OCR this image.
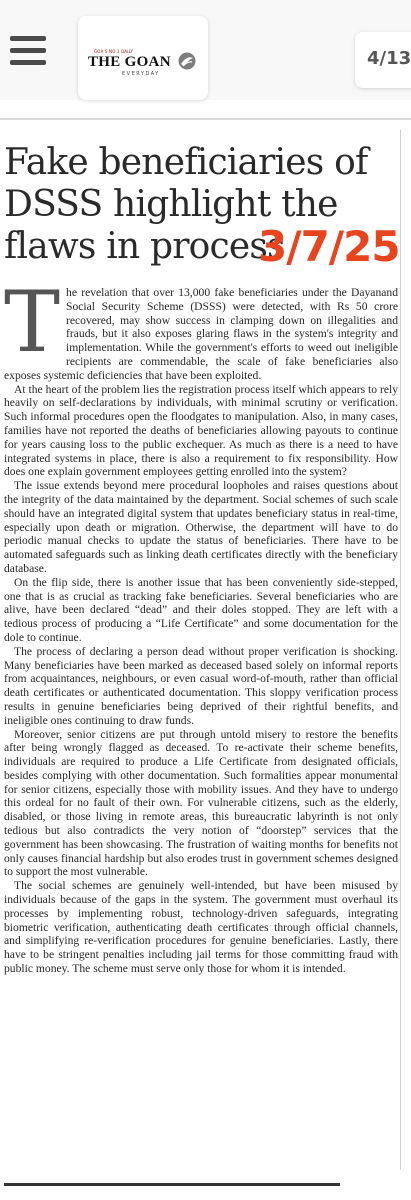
GOA'S NO.1 DAILY
THE GOAN
EVERYDAY
4/13
Fake beneficiaries of DSSS highlight the flaws in process
3/7/25

The revelation that over 13,000 fake beneficiaries under the Dayanand Social Security Scheme (DSSS) were detected, with Rs 50 crore recovered, may show success in clamping down on illegalities and frauds, but it also exposes glaring flaws in the system's integrity and implementation. While the government's efforts to weed out ineligible recipients are commendable, the scale of fake beneficiaries also exposes systemic deficiencies that have been exploited.

At the heart of the problem lies the registration process itself which appears to rely heavily on self-declarations by individuals, with minimal scrutiny or verification. Such informal procedures open the floodgates to manipulation. Also, in many cases, families have not reported the deaths of beneficiaries allowing payouts to continue for years causing loss to the public exchequer. As much as there is a need to have integrated systems in place, there is also a requirement to fix responsibility. How does one explain government employees getting enrolled into the system?

The issue extends beyond mere procedural loopholes and raises questions about the integrity of the data maintained by the department. Social schemes of such scale should have an integrated digital system that updates beneficiary status in real-time, especially upon death or migration. Otherwise, the department will have to do periodic manual checks to update the status of beneficiaries. There have to be automated safeguards such as linking death certificates directly with the beneficiary database.

On the flip side, there is another issue that has been conveniently side-stepped, one that is as crucial as tracking fake beneficiaries. Several beneficiaries who are alive, have been declared “dead” and their doles stopped. They are left with a tedious process of producing a “Life Certificate” and some documentation for the dole to continue.

The process of declaring a person dead without proper verification is shocking. Many beneficiaries have been marked as deceased based solely on informal reports from acquaintances, neighbours, or even casual word-of-mouth, rather than official death certificates or authenticated documentation. This sloppy verification process results in genuine beneficiaries being deprived of their rightful benefits, and ineligible ones continuing to draw funds.

Moreover, senior citizens are put through untold misery to restore the benefits after being wrongly flagged as deceased. To re-activate their scheme benefits, individuals are required to produce a Life Certificate from designated officials, besides complying with other documentation. Such formalities appear monumental for senior citizens, especially those with mobility issues. And they have to undergo this ordeal for no fault of their own. For vulnerable citizens, such as the elderly, disabled, or those living in remote areas, this bureaucratic labyrinth is not only tedious but also contradicts the very notion of “doorstep” services that the government has been showcasing. The frustration of waiting months for benefits not only causes financial hardship but also erodes trust in government schemes designed to support the most vulnerable.

The social schemes are genuinely well-intended, but have been misused by individuals because of the gaps in the system. The government must overhaul its processes by implementing robust, technology-driven safeguards, integrating biometric verification, authenticating death certificates through official channels, and simplifying re-verification procedures for genuine beneficiaries. Lastly, there have to be stringent penalties including jail terms for those committing fraud with public money. The scheme must serve only those for whom it is intended.
